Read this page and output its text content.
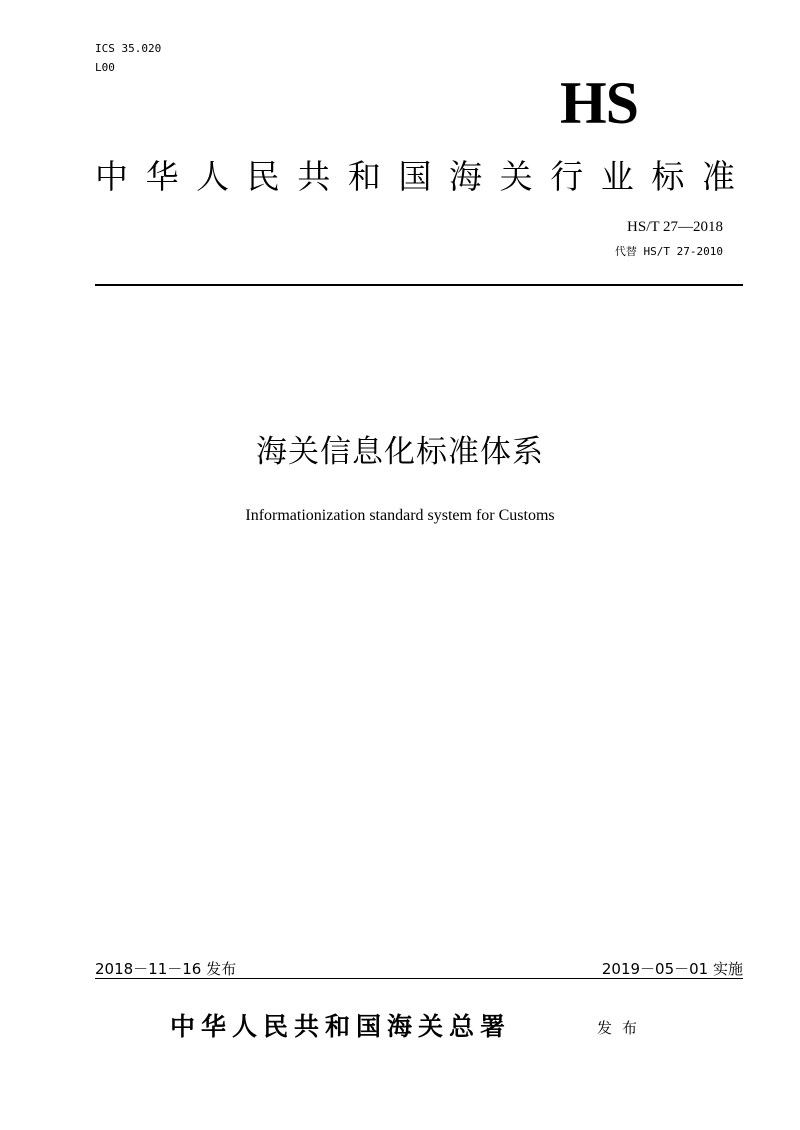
ICS 35.020
L00
HS
中 华 人 民 共 和 国 海 关 行 业 标 准
HS/T 27—2018
代替 HS/T 27-2010
海关信息化标准体系
Informationization standard system for Customs
2018－11－16 发布	2019－05－01 实施
中华人民共和国海关总署	发布
